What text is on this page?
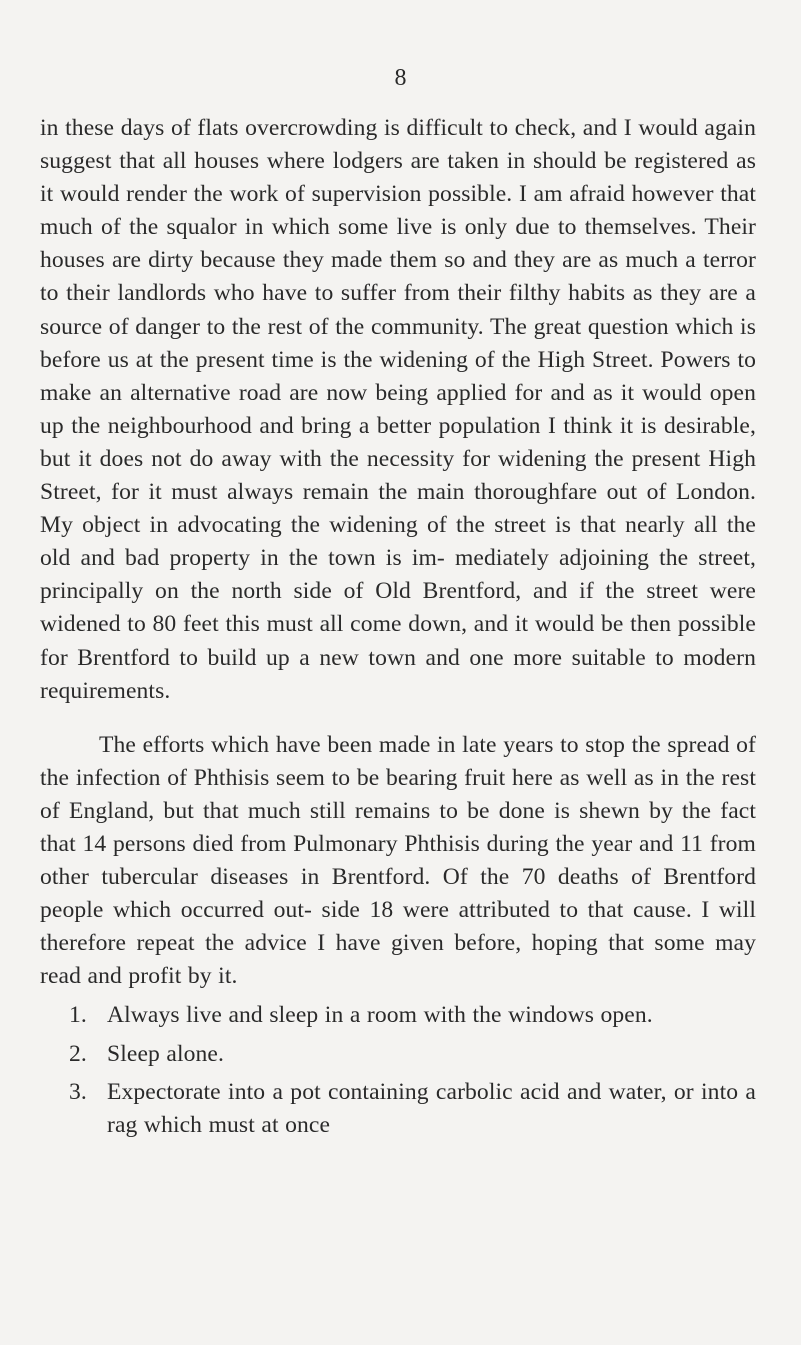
8

in these days of flats overcrowding is difficult to check, and I would again suggest that all houses where lodgers are taken in should be registered as it would render the work of supervision possible. I am afraid however that much of the squalor in which some live is only due to themselves. Their houses are dirty because they made them so and they are as much a terror to their landlords who have to suffer from their filthy habits as they are a source of danger to the rest of the community. The great question which is before us at the present time is the widening of the High Street. Powers to make an alternative road are now being applied for and as it would open up the neighbourhood and bring a better population I think it is desirable, but it does not do away with the necessity for widening the present High Street, for it must always remain the main thoroughfare out of London. My object in advocating the widening of the street is that nearly all the old and bad property in the town is im- mediately adjoining the street, principally on the north side of Old Brentford, and if the street were widened to 80 feet this must all come down, and it would be then possible for Brentford to build up a new town and one more suitable to modern requirements.

The efforts which have been made in late years to stop the spread of the infection of Phthisis seem to be bearing fruit here as well as in the rest of England, but that much still remains to be done is shewn by the fact that 14 persons died from Pulmonary Phthisis during the year and 11 from other tubercular diseases in Brentford. Of the 70 deaths of Brentford people which occurred out- side 18 were attributed to that cause. I will therefore repeat the advice I have given before, hoping that some may read and profit by it.

1. Always live and sleep in a room with the windows open.
2. Sleep alone.
3. Expectorate into a pot containing carbolic acid and water, or into a rag which must at once
